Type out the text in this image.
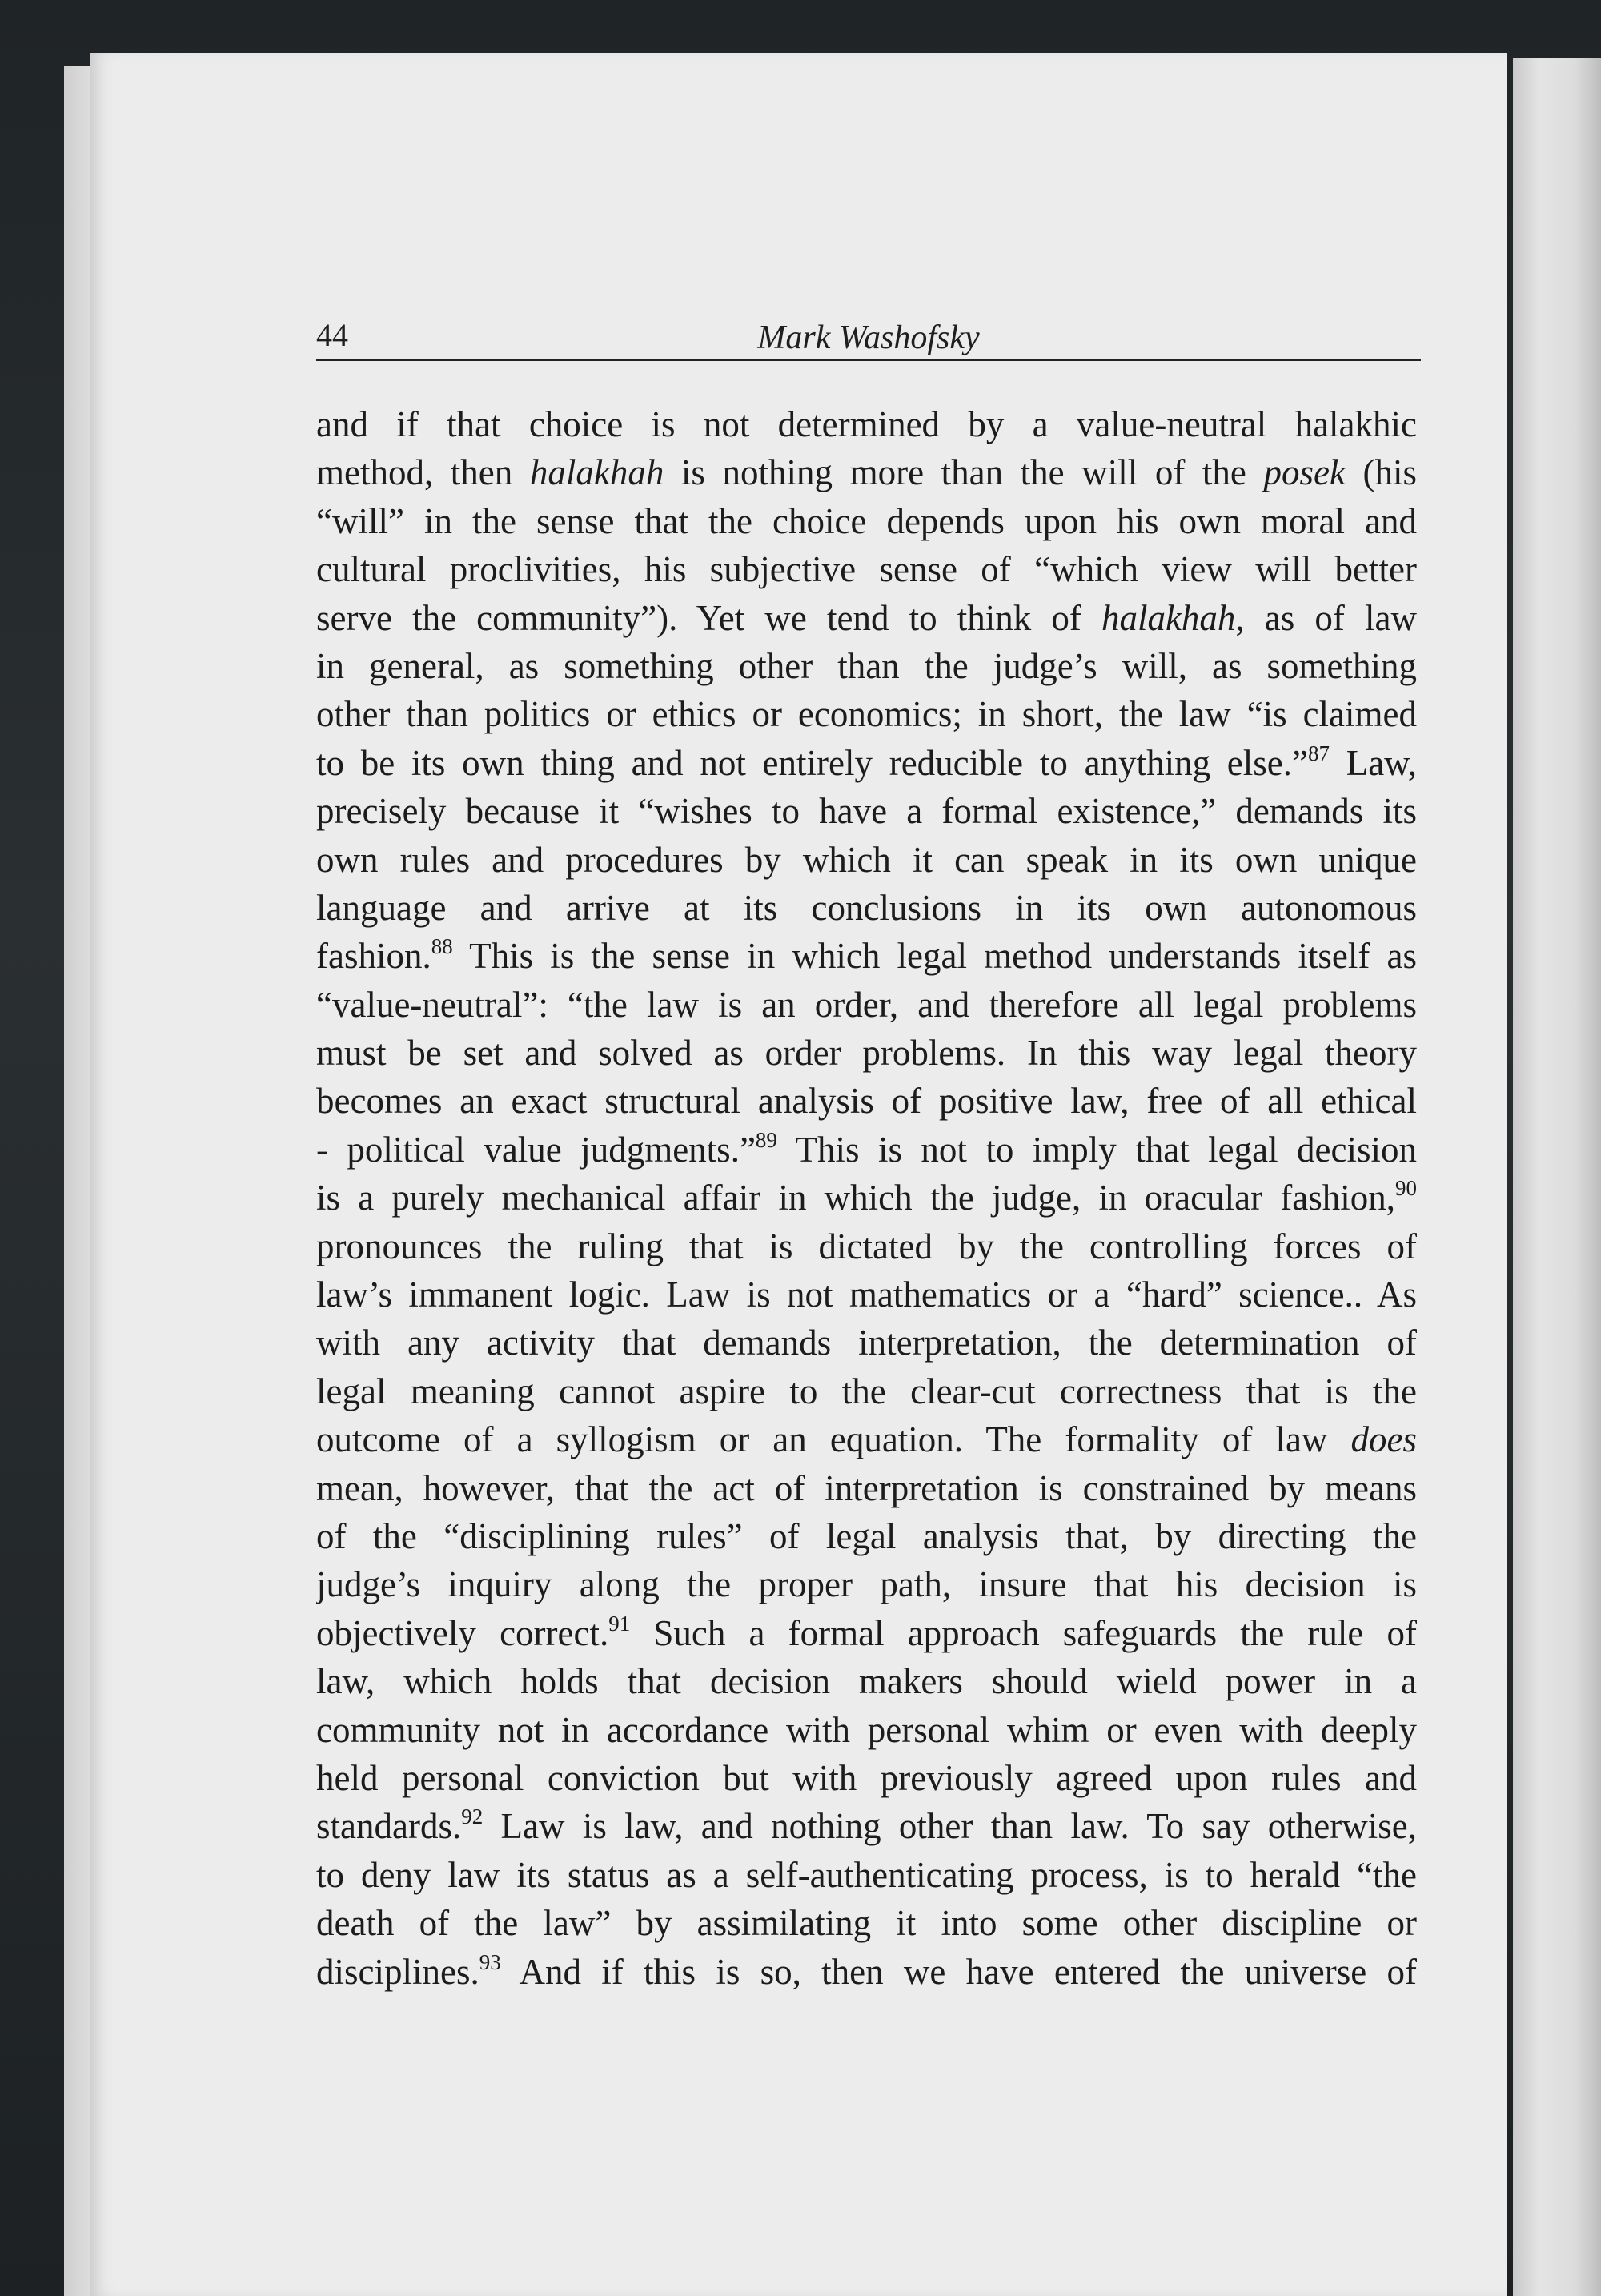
44	Mark Washofsky
and if that choice is not determined by a value-neutral halakhic
method, then halakhah is nothing more than the will of the posek (his
“will” in the sense that the choice depends upon his own moral and
cultural proclivities, his subjective sense of “which view will better
serve the community”). Yet we tend to think of halakhah, as of law
in general, as something other than the judge’s will, as something
other than politics or ethics or economics; in short, the law “is claimed
to be its own thing and not entirely reducible to anything else.”$^{87}$ Law,
precisely because it “wishes to have a formal existence,” demands its
own rules and procedures by which it can speak in its own unique
language and arrive at its conclusions in its own autonomous
fashion.$^{88}$ This is the sense in which legal method understands itself as
“value-neutral”: “the law is an order, and therefore all legal problems
must be set and solved as order problems. In this way legal theory
becomes an exact structural analysis of positive law, free of all ethical
- political value judgments.”$^{89}$ This is not to imply that legal decision
is a purely mechanical affair in which the judge, in oracular fashion,$^{90}$
pronounces the ruling that is dictated by the controlling forces of
law’s immanent logic. Law is not mathematics or a “hard” science.. As
with any activity that demands interpretation, the determination of
legal meaning cannot aspire to the clear-cut correctness that is the
outcome of a syllogism or an equation. The formality of law does
mean, however, that the act of interpretation is constrained by means
of the “disciplining rules” of legal analysis that, by directing the
judge’s inquiry along the proper path, insure that his decision is
objectively correct.$^{91}$ Such a formal approach safeguards the rule of
law, which holds that decision makers should wield power in a
community not in accordance with personal whim or even with deeply
held personal conviction but with previously agreed upon rules and
standards.$^{92}$ Law is law, and nothing other than law. To say otherwise,
to deny law its status as a self-authenticating process, is to herald “the
death of the law” by assimilating it into some other discipline or
disciplines.$^{93}$ And if this is so, then we have entered the universe of
